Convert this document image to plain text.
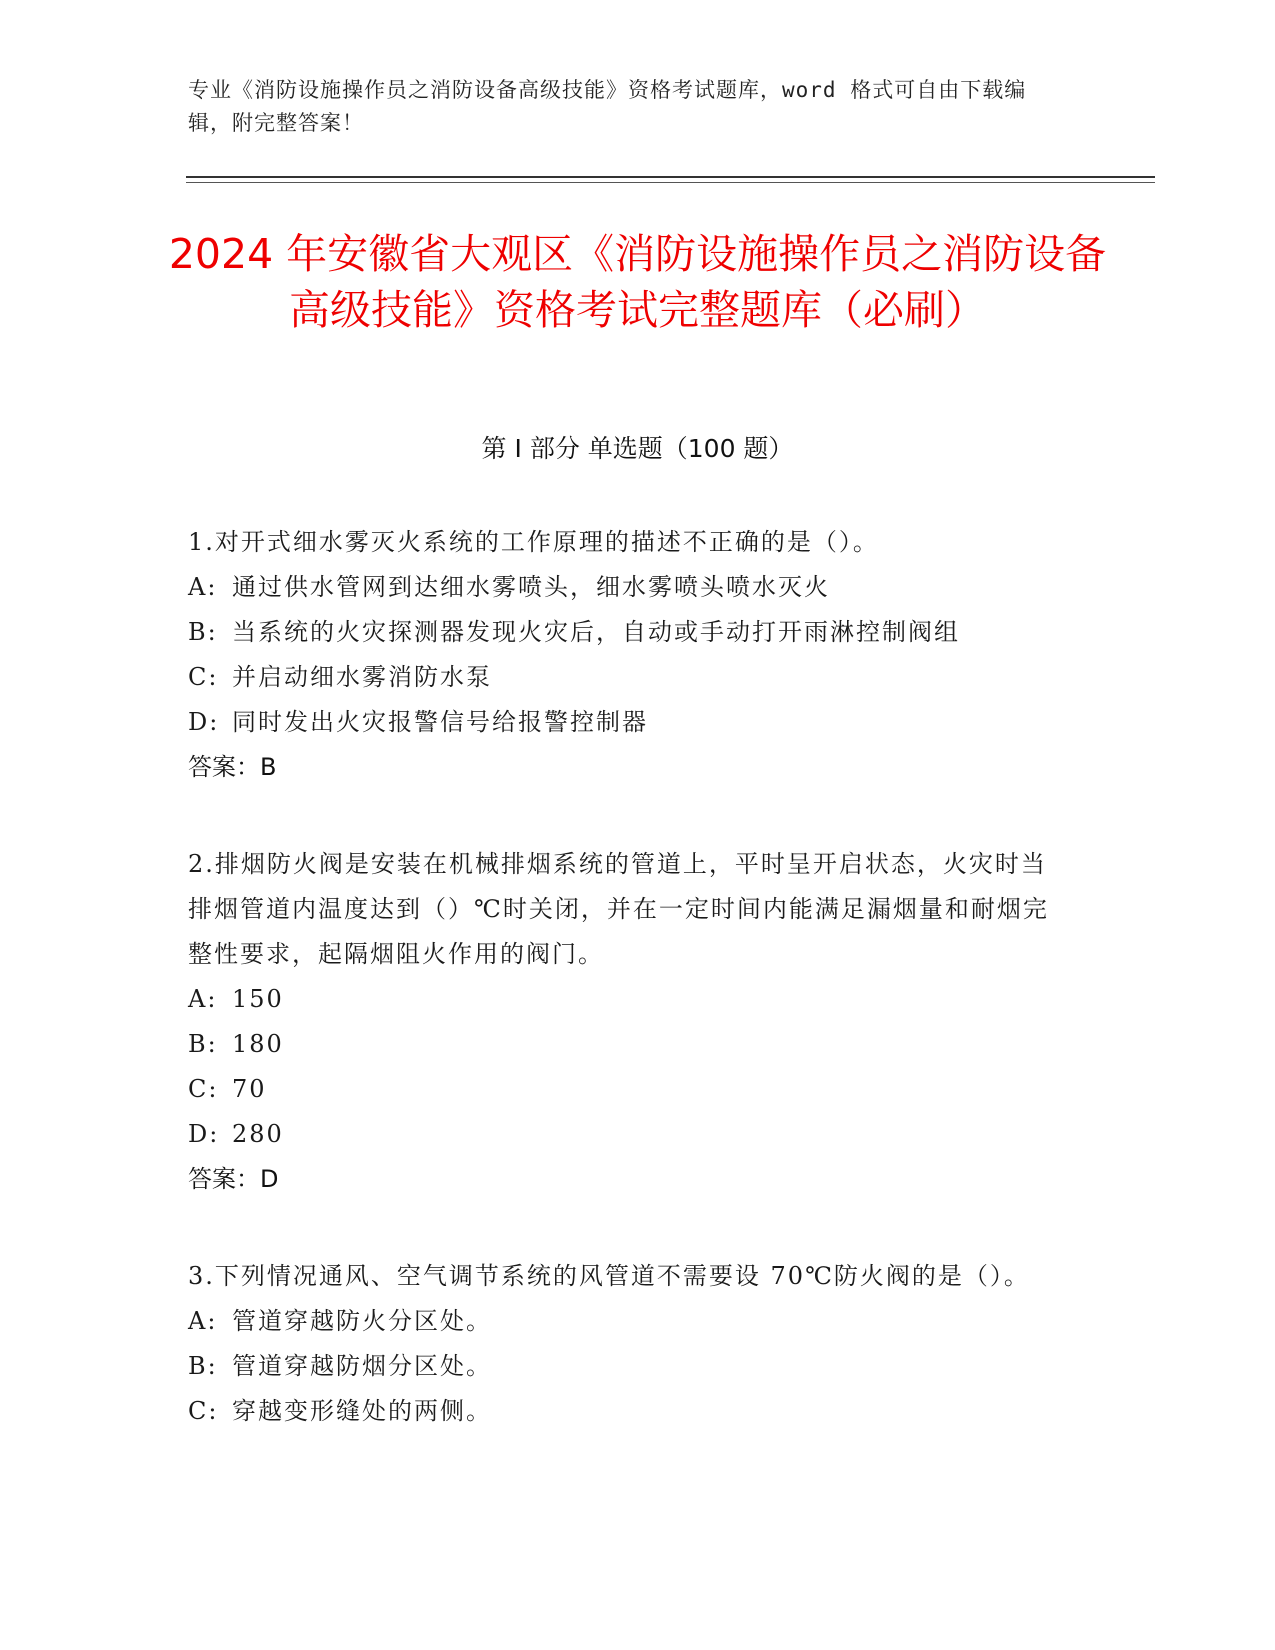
专业《消防设施操作员之消防设备高级技能》资格考试题库，word 格式可自由下载编辑，附完整答案！
2024 年安徽省大观区《消防设施操作员之消防设备高级技能》资格考试完整题库（必刷）
第 I 部分 单选题（100 题）

1.对开式细水雾灭火系统的工作原理的描述不正确的是（）。

A: 通过供水管网到达细水雾喷头，细水雾喷头喷水灭火

B: 当系统的火灾探测器发现火灾后，自动或手动打开雨淋控制阀组

C: 并启动细水雾消防水泵

D: 同时发出火灾报警信号给报警控制器

答案：B

2.排烟防火阀是安装在机械排烟系统的管道上，平时呈开启状态，火灾时当排烟管道内温度达到（）℃时关闭，并在一定时间内能满足漏烟量和耐烟完整性要求，起隔烟阻火作用的阀门。

A: 150

B: 180

C: 70

D: 280

答案：D

3.下列情况通风、空气调节系统的风管道不需要设 70℃防火阀的是（）。

A: 管道穿越防火分区处。

B: 管道穿越防烟分区处。

C: 穿越变形缝处的两侧。
